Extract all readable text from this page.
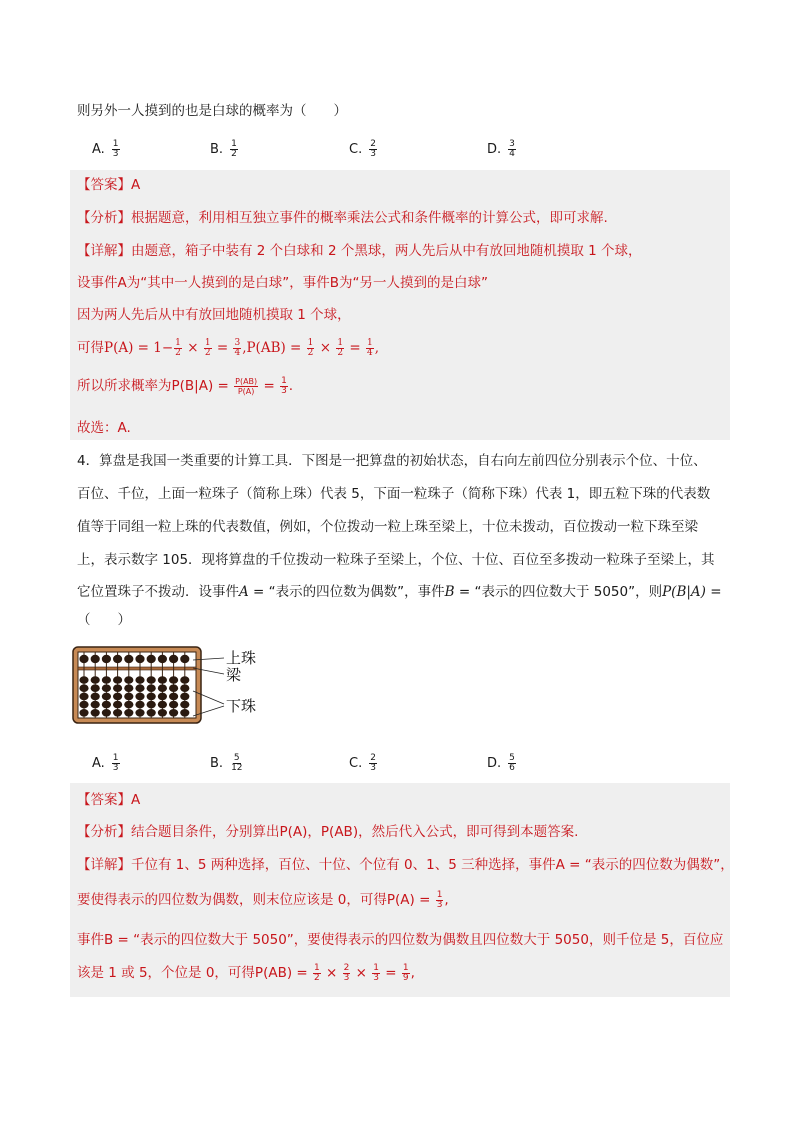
则另外一人摸到的也是白球的概率为（　　）
A. $\frac{1}{3}$	B. $\frac{1}{2}$	C. $\frac{2}{3}$	D. $\frac{3}{4}$
【答案】A
【分析】根据题意，利用相互独立事件的概率乘法公式和条件概率的计算公式，即可求解.
【详解】由题意，箱子中装有 2 个白球和 2 个黑球，两人先后从中有放回地随机摸取 1 个球，
设事件A为“其中一人摸到的是白球”，事件B为“另一人摸到的是白球”
因为两人先后从中有放回地随机摸取 1 个球，
可得$P(A) = 1- \frac{1}{2} \times \frac{1}{2} = \frac{3}{4} ,P(AB) = \frac{1}{2} \times \frac{1}{2} = \frac{1}{4}$ ,
所以所求概率为$P(B|A) = \frac{P(AB)}{P(A)} = \frac{1}{3}$ .
故选：A.
4．算盘是我国一类重要的计算工具．下图是一把算盘的初始状态，自右向左前四位分别表示个位、十位、
百位、千位，上面一粒珠子（简称上珠）代表 5，下面一粒珠子（简称下珠）代表 1，即五粒下珠的代表数
值等于同组一粒上珠的代表数值，例如，个位拨动一粒上珠至梁上，十位未拨动，百位拨动一粒下珠至梁
上，表示数字 105．现将算盘的千位拨动一粒珠子至梁上，个位、十位、百位至多拨动一粒珠子至梁上，其
它位置珠子不拨动．设事件A = “表示的四位数为偶数”，事件B = “表示的四位数大于 5050”，则P(B|A) =
（　　）
上珠
梁
下珠
A. $\frac{1}{3}$	B. $\frac{5}{12}$	C. $\frac{2}{3}$	D. $\frac{5}{6}$
【答案】A
【分析】结合题目条件，分别算出P(A)，P(AB)，然后代入公式，即可得到本题答案.
【详解】千位有 1、5 两种选择，百位、十位、个位有 0、1、5 三种选择，事件A = “表示的四位数为偶数”，
要使得表示的四位数为偶数，则末位应该是 0，可得$P(A) = \frac{1}{3}$ ,
事件B = “表示的四位数大于 5050”，要使得表示的四位数为偶数且四位数大于 5050，则千位是 5，百位应
该是 1 或 5，个位是 0，可得$P(AB) = \frac{1}{2} \times \frac{2}{3} \times \frac{1}{3} = \frac{1}{9}$ ,
